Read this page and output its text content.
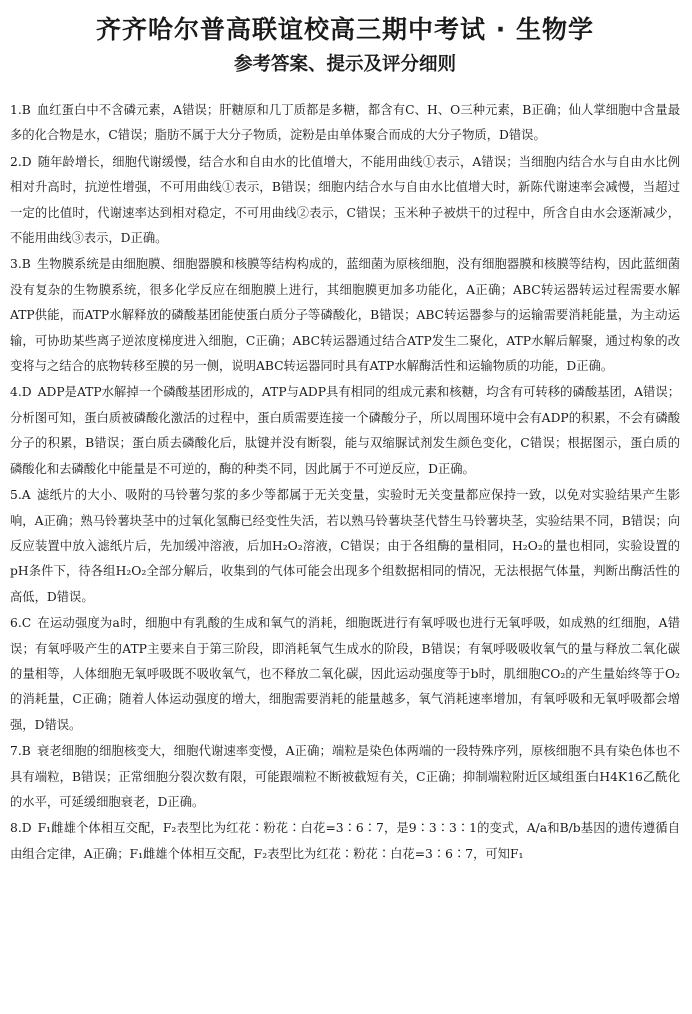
齐齐哈尔普高联谊校高三期中考试 · 生物学
参考答案、提示及评分细则
1.B 血红蛋白中不含磷元素，A错误；肝糖原和几丁质都是多糖，都含有C、H、O三种元素，B正确；仙人掌细胞中含量最多的化合物是水，C错误；脂肪不属于大分子物质，淀粉是由单体聚合而成的大分子物质，D错误。
2.D 随年龄增长，细胞代谢缓慢，结合水和自由水的比值增大，不能用曲线①表示，A错误；当细胞内结合水与自由水比例相对升高时，抗逆性增强，不可用曲线①表示，B错误；细胞内结合水与自由水比值增大时，新陈代谢速率会减慢，当超过一定的比值时，代谢速率达到相对稳定，不可用曲线②表示，C错误；玉米种子被烘干的过程中，所含自由水会逐渐减少，不能用曲线③表示，D正确。
3.B 生物膜系统是由细胞膜、细胞器膜和核膜等结构构成的，蓝细菌为原核细胞，没有细胞器膜和核膜等结构，因此蓝细菌没有复杂的生物膜系统，很多化学反应在细胞膜上进行，其细胞膜更加多功能化，A正确；ABC转运器转运过程需要水解ATP供能，而ATP水解释放的磷酸基团能使蛋白质分子等磷酸化，B错误；ABC转运器参与的运输需要消耗能量，为主动运输，可协助某些离子逆浓度梯度进入细胞，C正确；ABC转运器通过结合ATP发生二聚化，ATP水解后解聚，通过构象的改变将与之结合的底物转移至膜的另一侧，说明ABC转运器同时具有ATP水解酶活性和运输物质的功能，D正确。
4.D ADP是ATP水解掉一个磷酸基团形成的，ATP与ADP具有相同的组成元素和核糖，均含有可转移的磷酸基团，A错误；分析图可知，蛋白质被磷酸化激活的过程中，蛋白质需要连接一个磷酸分子，所以周围环境中会有ADP的积累，不会有磷酸分子的积累，B错误；蛋白质去磷酸化后，肽键并没有断裂，能与双缩脲试剂发生颜色变化，C错误；根据图示，蛋白质的磷酸化和去磷酸化中能量是不可逆的，酶的种类不同，因此属于不可逆反应，D正确。
5.A 滤纸片的大小、吸附的马铃薯匀浆的多少等都属于无关变量，实验时无关变量都应保持一致，以免对实验结果产生影响，A正确；熟马铃薯块茎中的过氧化氢酶已经变性失活，若以熟马铃薯块茎代替生马铃薯块茎，实验结果不同，B错误；向反应装置中放入滤纸片后，先加缓冲溶液，后加H₂O₂溶液，C错误；由于各组酶的量相同，H₂O₂的量也相同，实验设置的pH条件下，待各组H₂O₂全部分解后，收集到的气体可能会出现多个组数据相同的情况，无法根据气体量，判断出酶活性的高低，D错误。
6.C 在运动强度为a时，细胞中有乳酸的生成和氧气的消耗，细胞既进行有氧呼吸也进行无氧呼吸，如成熟的红细胞，A错误；有氧呼吸产生的ATP主要来自于第三阶段，即消耗氧气生成水的阶段，B错误；有氧呼吸吸收氧气的量与释放二氧化碳的量相等，人体细胞无氧呼吸既不吸收氧气，也不释放二氧化碳，因此运动强度等于b时，肌细胞CO₂的产生量始终等于O₂的消耗量，C正确；随着人体运动强度的增大，细胞需要消耗的能量越多，氧气消耗速率增加，有氧呼吸和无氧呼吸都会增强，D错误。
7.B 衰老细胞的细胞核变大，细胞代谢速率变慢，A正确；端粒是染色体两端的一段特殊序列，原核细胞不具有染色体也不具有端粒，B错误；正常细胞分裂次数有限，可能跟端粒不断被截短有关，C正确；抑制端粒附近区域组蛋白H4K16乙酰化的水平，可延缓细胞衰老，D正确。
8.D F₁雌雄个体相互交配，F₂表型比为红花∶粉花∶白花=3∶6∶7，是9∶3∶3∶1的变式，A/a和B/b基因的遗传遵循自由组合定律，A正确；F₁雌雄个体相互交配，F₂表型比为红花∶粉花∶白花=3∶6∶7，可知F₁
